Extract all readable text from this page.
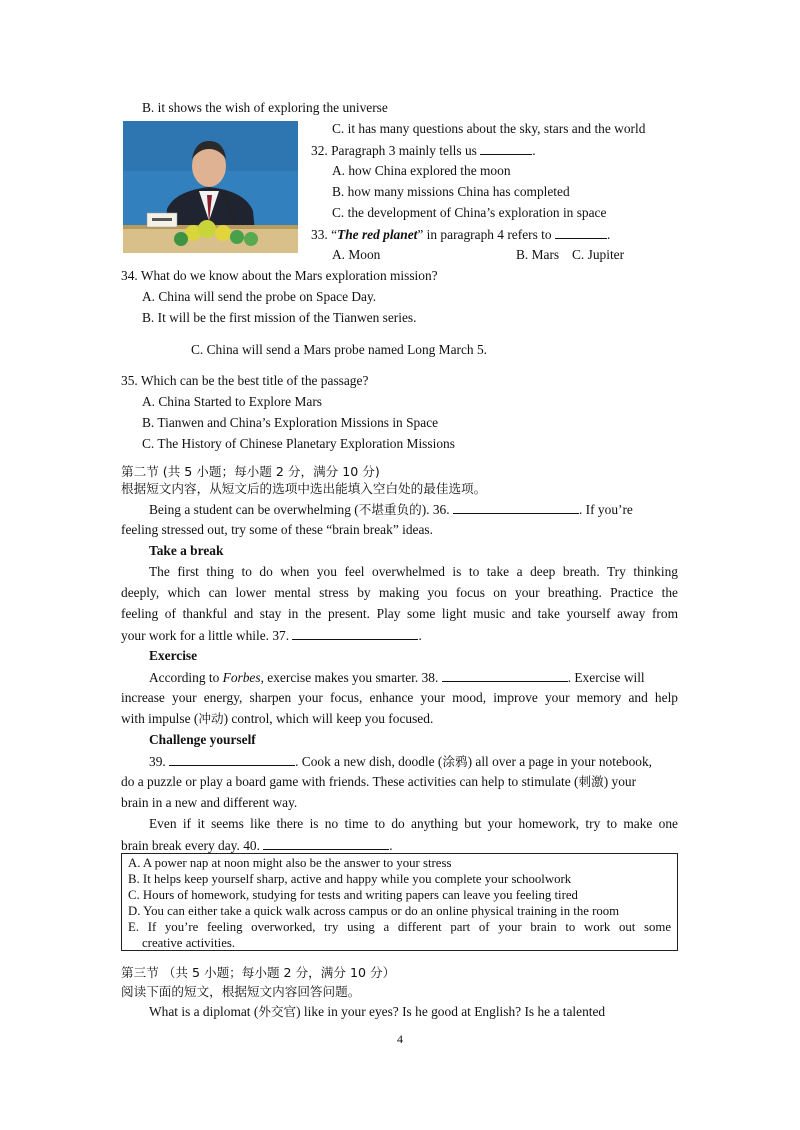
B. it shows the wish of exploring the universe
C. it has many questions about the sky, stars and the world
32. Paragraph 3 mainly tells us	.
A. how China explored the moon
B. how many missions China has completed
C. the development of China’s exploration in space
33. “The red planet” in paragraph 4 refers to	.
A. Moon	B. Mars C. Jupiter
34. What do we know about the Mars exploration mission?
A. China will send the probe on Space Day.
B. It will be the first mission of the Tianwen series.
C. China will send a Mars probe named Long March 5.
35. Which can be the best title of the passage?
A. China Started to Explore Mars
B. Tianwen and China’s Exploration Missions in Space
C. The History of Chinese Planetary Exploration Missions
第二节 (共 5 小题；每小题 2 分，满分 10 分)
根据短文内容，从短文后的选项中选出能填入空白处的最佳选项。
Being a student can be overwhelming (不堪重负的). 36.	. If you’re
feeling stressed out, try some of these “brain break” ideas.
Take a break
The first thing to do when you feel overwhelmed is to take a deep breath. Try thinking
deeply, which can lower mental stress by making you focus on your breathing. Practice the
feeling of thankful and stay in the present. Play some light music and take yourself away from
your work for a little while. 37.	.
Exercise
According to Forbes, exercise makes you smarter. 38.	. Exercise will
increase your energy, sharpen your focus, enhance your mood, improve your memory and help
with impulse (冲动) control, which will keep you focused.
Challenge yourself
39.	. Cook a new dish, doodle (涂鸦) all over a page in your notebook,
do a puzzle or play a board game with friends. These activities can help to stimulate (刺激) your
brain in a new and different way.
Even if it seems like there is no time to do anything but your homework, try to make one
brain break every day. 40.	.
A. A power nap at noon might also be the answer to your stress
B. It helps keep yourself sharp, active and happy while you complete your schoolwork
C. Hours of homework, studying for tests and writing papers can leave you feeling tired
D. You can either take a quick walk across campus or do an online physical training in the room
E. If you’re feeling overworked, try using a different part of your brain to work out some
creative activities.
第三节 （共 5 小题；每小题 2 分，满分 10 分）
阅读下面的短文，根据短文内容回答问题。
What is a diplomat (外交官) like in your eyes? Is he good at English? Is he a talented
4
